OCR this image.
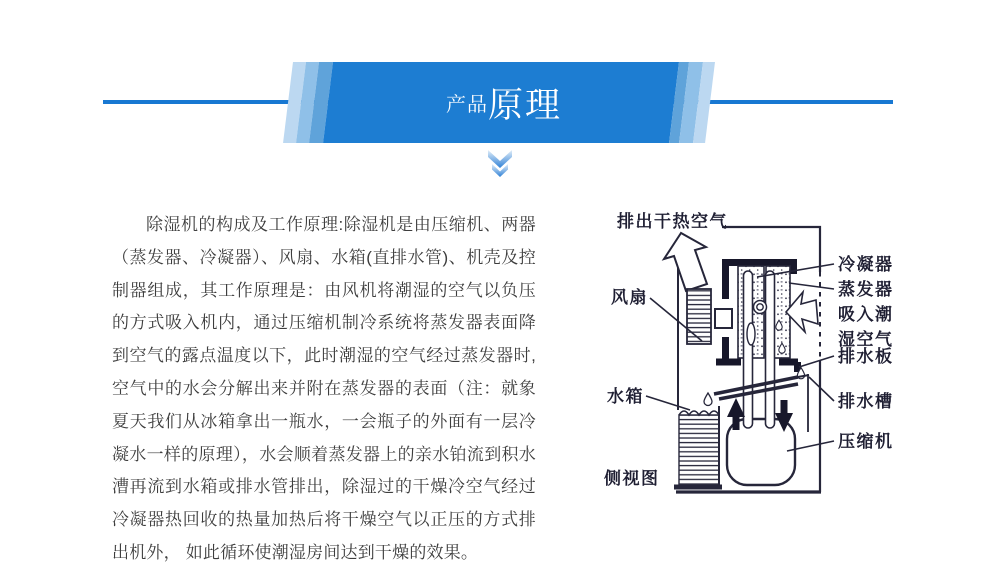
产品 原理
除湿机的构成及工作原理:除湿机是由压缩机、两器（蒸发器、冷凝器）、风扇、水箱(直排水管)、机壳及控制器组成，其工作原理是：由风机将潮湿的空气以负压的方式吸入机内，通过压缩机制冷系统将蒸发器表面降到空气的露点温度以下，此时潮湿的空气经过蒸发器时,空气中的水会分解出来并附在蒸发器的表面（注：就象夏天我们从冰箱拿出一瓶水，一会瓶子的外面有一层冷凝水一样的原理），水会顺着蒸发器上的亲水铂流到积水漕再流到水箱或排水管排出，除湿过的干燥冷空气经过冷凝器热回收的热量加热后将干燥空气以正压的方式排出机外， 如此循环使潮湿房间达到干燥的效果。
排出干热空气
风扇
冷凝器
蒸发器
吸入潮
湿空气
排水板
水箱	排水槽
压缩机
侧视图
